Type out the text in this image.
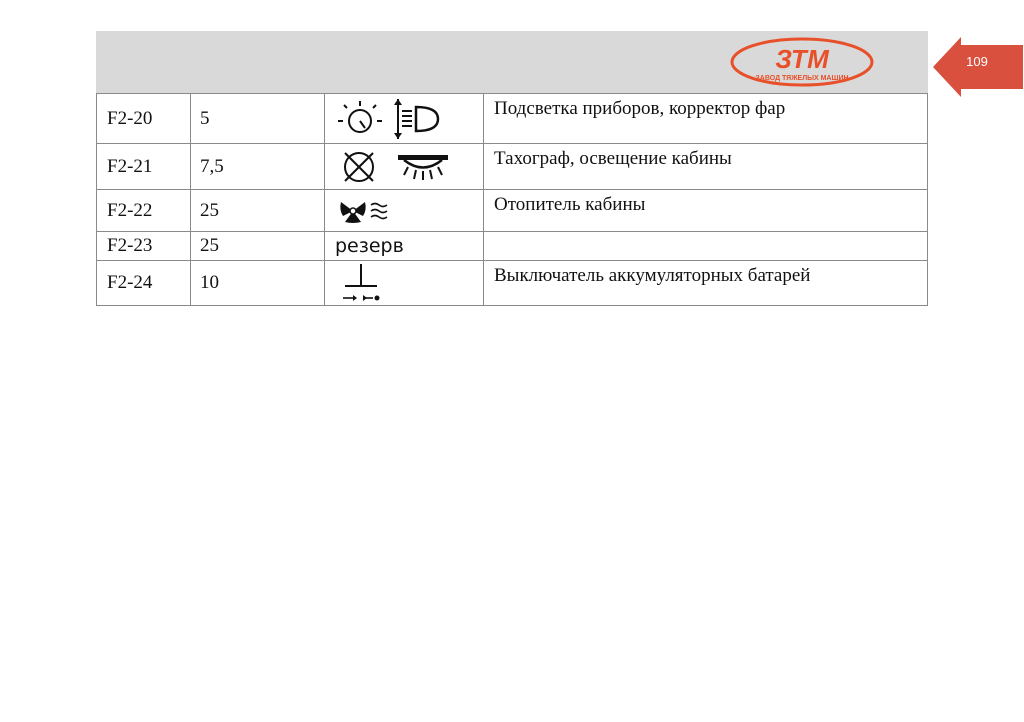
ЗТМ
ЗАВОД ТЯЖЕЛЫХ МАШИН
109
F2-20	5		Подсветка приборов, корректор фар
F2-21	7,5		Тахограф, освещение кабины
F2-22	25		Отопитель кабины
F2-23	25	резерв	
F2-24	10		Выключатель аккумуляторных батарей
